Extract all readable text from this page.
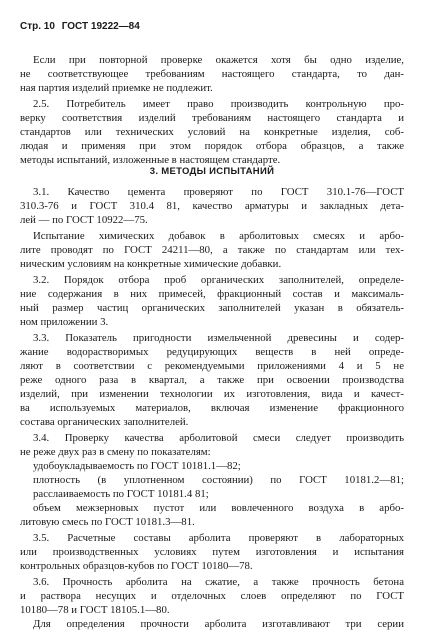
Стр. 10 ГОСТ 19222—84
Если при повторной проверке окажется хотя бы одно изделие,
не соответствующее требованиям настоящего стандарта, то дан-
ная партия изделий приемке не подлежит.
2.5. Потребитель имеет право производить контрольную про-
верку соответствия изделий требованиям настоящего стандарта и
стандартов или технических условий на конкретные изделия, соб-
людая и применяя при этом порядок отбора образцов, а также
методы испытаний, изложенные в настоящем стандарте.
3. МЕТОДЫ ИСПЫТАНИЙ
3.1. Качество цемента проверяют по ГОСТ 310.1-76—ГОСТ
310.3-76 и ГОСТ 310.4 81, качество арматуры и закладных дета-
лей — по ГОСТ 10922—75.
Испытание химических добавок в арболитовых смесях и арбо-
лите проводят по ГОСТ 24211—80, а также по стандартам или тех-
ническим условиям на конкретные химические добавки.
3.2. Порядок отбора проб органических заполнителей, определе-
ние содержания в них примесей, фракционный состав и максималь-
ный размер частиц органических заполнителей указан в обязатель-
ном приложении 3.
3.3. Показатель пригодности измельченной древесины и содер-
жание водорастворимых редуцирующих веществ в ней опреде-
ляют в соответствии с рекомендуемыми приложениями 4 и 5 не
реже одного раза в квартал, а также при освоении производства
изделий, при изменении технологии их изготовления, вида и качест-
ва используемых материалов, включая изменение фракционного
состава органических заполнителей.
3.4. Проверку качества арболитовой смеси следует производить
не реже двух раз в смену по показателям:
удобоукладываемость по ГОСТ 10181.1—82;
плотность (в уплотненном состоянии) по ГОСТ 10181.2—81;
расслаиваемость по ГОСТ 10181.4 81;
объем межзерновых пустот или вовлеченного воздуха в арбо-
литовую смесь по ГОСТ 10181.3—81.
3.5. Расчетные составы арболита проверяют в лабораторных
или производственных условиях путем изготовления и испытания
контрольных образцов-кубов по ГОСТ 10180—78.
3.6. Прочность арболита на сжатие, а также прочность бетона
и раствора несущих и отделочных слоев определяют по ГОСТ
10180—78 и ГОСТ 18105.1—80.
Для определения прочности арболита изготавливают три серии
